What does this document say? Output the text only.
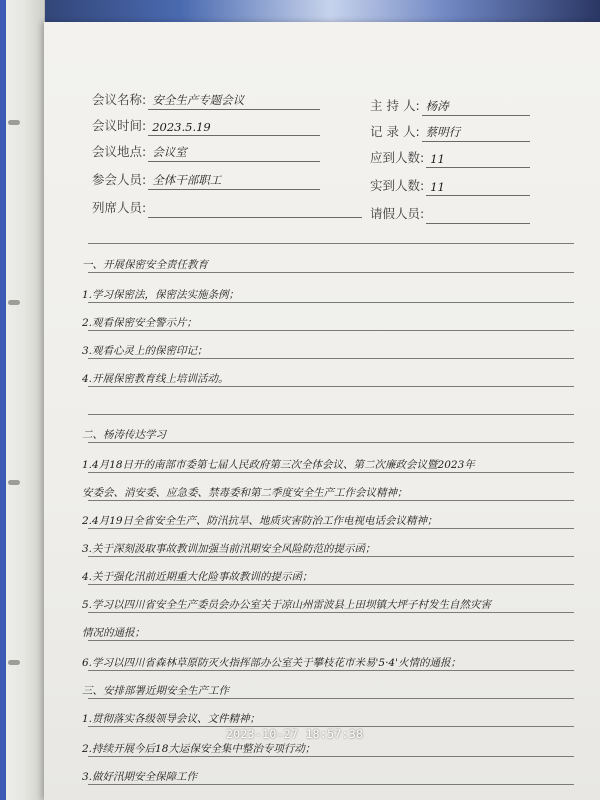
会议名称: 安全生产专题会议	主 持 人: 杨涛
会议时间: 2023.5.19	记 录 人: 蔡明行
会议地点: 会议室	应到人数: 11
参会人员: 全体干部职工	实到人数: 11
列席人员:	请假人员:
一、开展保密安全责任教育
1.学习保密法，保密法实施条例；
2.观看保密安全警示片；
3.观看心灵上的保密印记；
4.开展保密教育线上培训活动。
二、杨涛传达学习
1.4月18日开的南部市委第七届人民政府第三次全体会议、第二次廉政会议暨2023年
安委会、消安委、应急委、禁毒委和第二季度安全生产工作会议精神；
2.4月19日全省安全生产、防汛抗旱、地质灾害防治工作电视电话会议精神；
3.关于深刻汲取事故教训加强当前汛期安全风险防范的提示函；
4.关于强化汛前近期重大化险事故教训的提示函；
5.学习以四川省安全生产委员会办公室关于凉山州雷波县上田坝镇大坪子村发生自然灾害
情况的通报；
6.学习以四川省森林草原防灭火指挥部办公室关于攀枝花市米易'5·4'火情的通报；
三、安排部署近期安全生产工作
1.贯彻落实各级领导会议、文件精神；
2.持续开展今后18大运保安全集中整治专项行动；
3.做好汛期安全保障工作
2023-10-27 18:57:38
